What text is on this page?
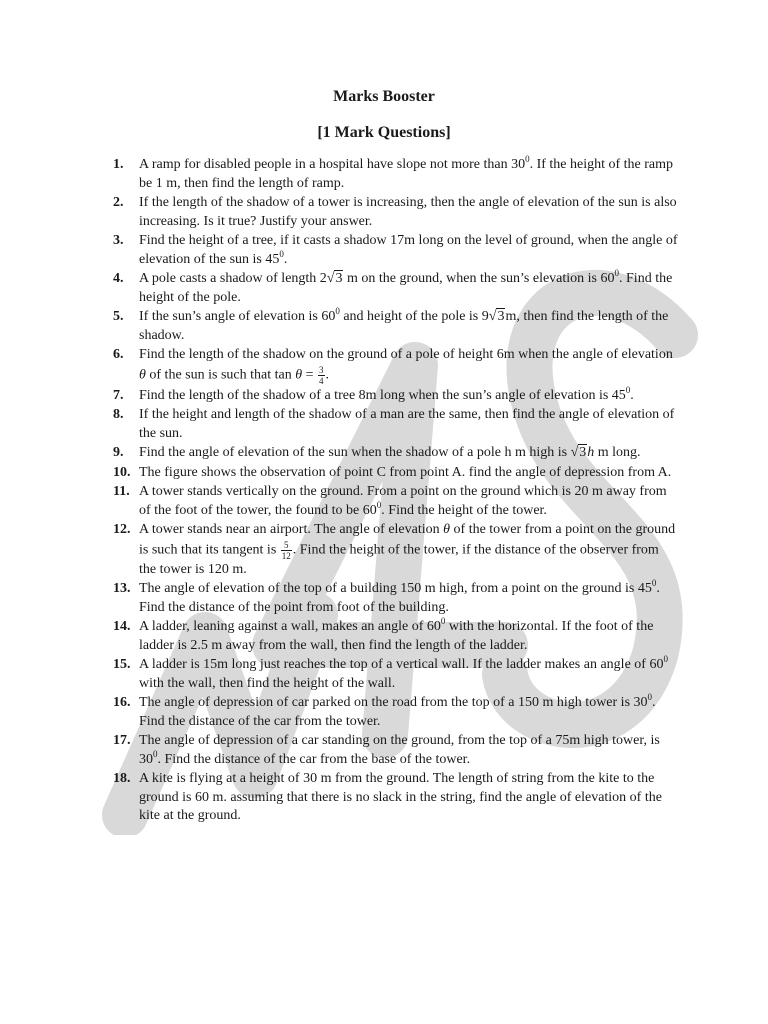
Marks Booster
[1 Mark Questions]
1. A ramp for disabled people in a hospital have slope not more than $30^0$. If the height of the ramp be 1 m, then find the length of ramp.
2. If the length of the shadow of a tower is increasing, then the angle of elevation of the sun is also increasing. Is it true? Justify your answer.
3. Find the height of a tree, if it casts a shadow 17m long on the level of ground, when the angle of elevation of the sun is $45^0$.
4. A pole casts a shadow of length 2√3 m on the ground, when the sun’s elevation is $60^0$. Find the height of the pole.
5. If the sun’s angle of elevation is $60^0$ and height of the pole is 9√3m, then find the length of the shadow.
6. Find the length of the shadow on the ground of a pole of height 6m when the angle of elevation θ of the sun is such that $\tan \theta = \frac{3}{4}$ .
7. Find the length of the shadow of a tree 8m long when the sun’s angle of elevation is $45^0$.
8. If the height and length of the shadow of a man are the same, then find the angle of elevation of the sun.
9. Find the angle of elevation of the sun when the shadow of a pole h m high is √3h m long.
10. The figure shows the observation of point C from point A. find the angle of depression from A.
11. A tower stands vertically on the ground. From a point on the ground which is 20 m away from of the foot of the tower, the found to be $60^0$. Find the height of the tower.
12. A tower stands near an airport. The angle of elevation θ of the tower from a point on the ground is such that its tangent is $\frac{5}{12}$ . Find the height of the tower, if the distance of the observer from the tower is 120 m.
13. The angle of elevation of the top of a building 150 m high, from a point on the ground is $45^0$. Find the distance of the point from foot of the building.
14. A ladder, leaning against a wall, makes an angle of $60^0$ with the horizontal. If the foot of the ladder is 2.5 m away from the wall, then find the length of the ladder.
15. A ladder is 15m long just reaches the top of a vertical wall. If the ladder makes an angle of $60^0$ with the wall, then find the height of the wall.
16. The angle of depression of car parked on the road from the top of a 150 m high tower is $30^0$. Find the distance of the car from the tower.
17. The angle of depression of a car standing on the ground, from the top of a 75m high tower, is $30^0$. Find the distance of the car from the base of the tower.
18. A kite is flying at a height of 30 m from the ground. The length of string from the kite to the ground is 60 m. assuming that there is no slack in the string, find the angle of elevation of the kite at the ground.
